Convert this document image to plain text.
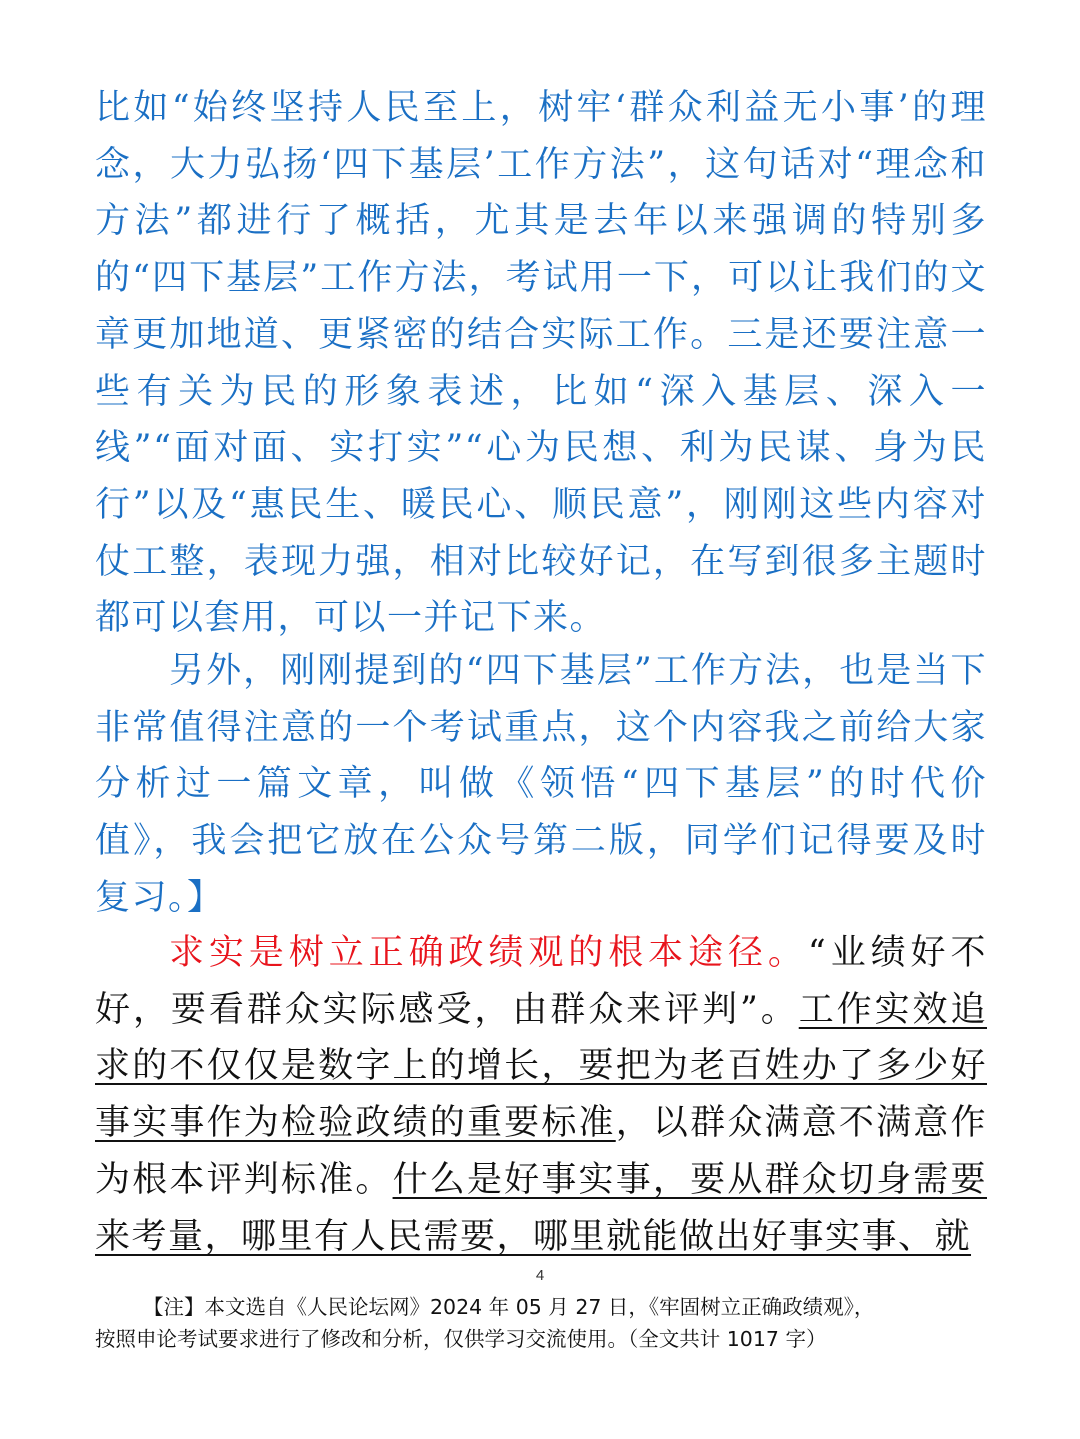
比如“始终坚持人民至上，树牢‘群众利益无小事’的理念，大力弘扬‘四下基层’工作方法”，这句话对“理念和方法”都进行了概括，尤其是去年以来强调的特别多的“四下基层”工作方法，考试用一下，可以让我们的文章更加地道、更紧密的结合实际工作。三是还要注意一些有关为民的形象表述，比如“深入基层、深入一线”“面对面、实打实”“心为民想、利为民谋、身为民行”以及“惠民生、暖民心、顺民意”，刚刚这些内容对仗工整，表现力强，相对比较好记，在写到很多主题时都可以套用，可以一并记下来。

另外，刚刚提到的“四下基层”工作方法，也是当下非常值得注意的一个考试重点，这个内容我之前给大家分析过一篇文章，叫做《领悟“四下基层”的时代价值》，我会把它放在公众号第二版，同学们记得要及时复习。】

求实是树立正确政绩观的根本途径。“业绩好不好，要看群众实际感受，由群众来评判”。工作实效追求的不仅仅是数字上的增长，要把为老百姓办了多少好事实事作为检验政绩的重要标准，以群众满意不满意作为根本评判标准。什么是好事实事，要从群众切身需要来考量，哪里有人民需要，哪里就能做出好事实事、就

4

【注】本文选自《人民论坛网》2024 年 05 月 27 日，《牢固树立正确政绩观》，
按照申论考试要求进行了修改和分析，仅供学习交流使用。（全文共计 1017 字）
